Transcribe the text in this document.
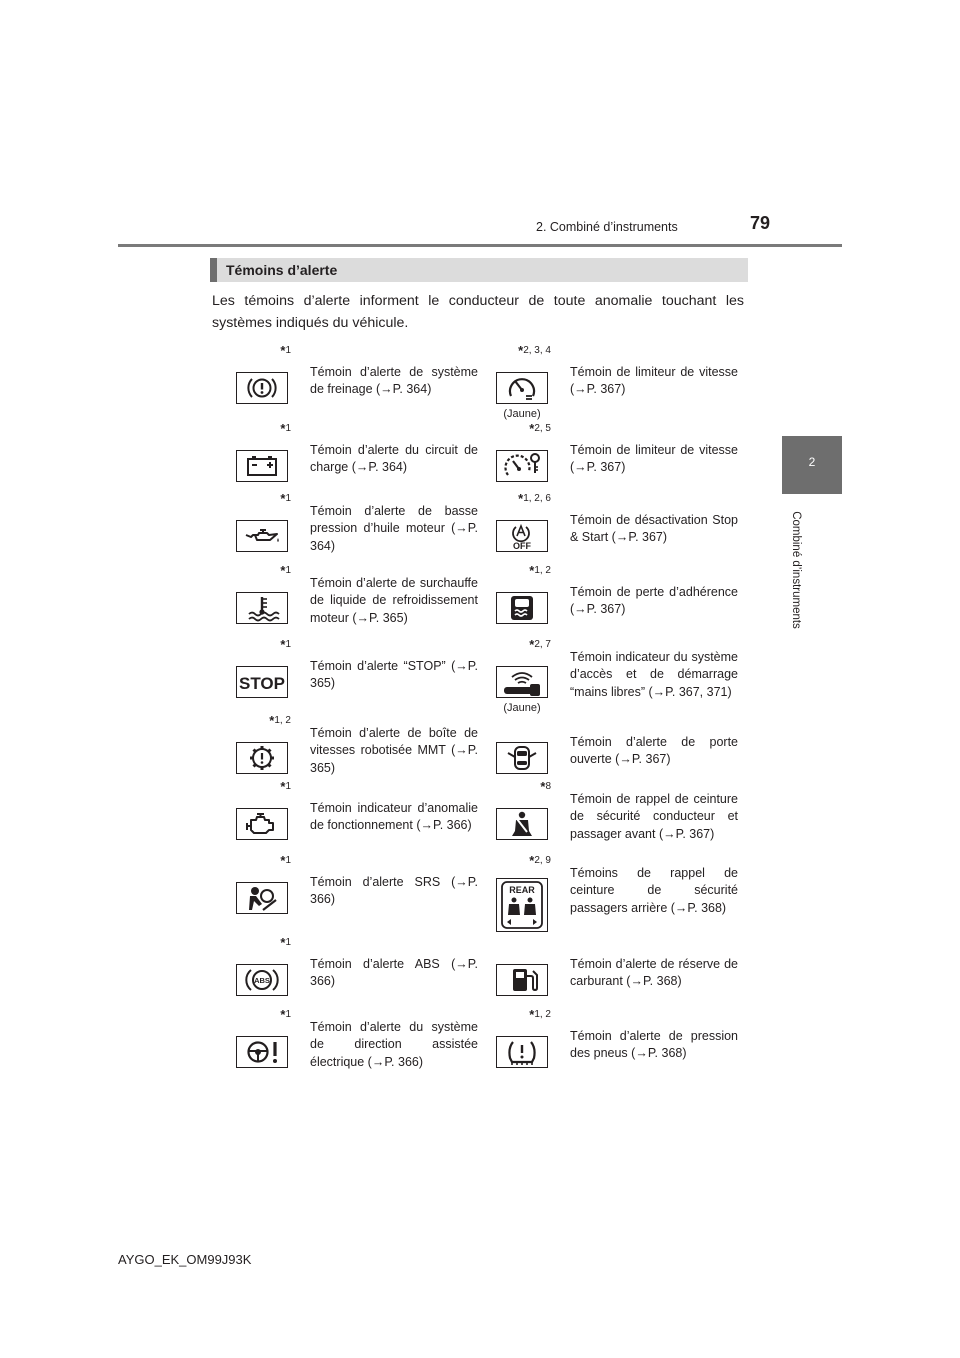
2. Combiné d’instruments	79
2
Combiné d’instruments
Témoins d’alerte
Les témoins d’alerte informent le conducteur de toute anomalie touchant les systèmes indiqués du véhicule.
*1
Témoin d’alerte de système de freinage (→P. 364)
*1
Témoin d’alerte du circuit de charge (→P. 364)
*1
Témoin d’alerte de basse pression d’huile moteur (→P. 364)
*1
Témoin d’alerte de surchauffe de liquide de refroidissement moteur (→P. 365)
*1
STOP
Témoin d’alerte “STOP” (→P. 365)
*1, 2
Témoin d’alerte de boîte de vitesses robotisée MMT (→P. 365)
*1
Témoin indicateur d’anomalie de fonctionnement (→P. 366)
*1
Témoin d’alerte SRS (→P. 366)
*1
ABS
Témoin d’alerte ABS (→P. 366)
*1
Témoin d’alerte du système de direction assistée électrique (→P. 366)
*2, 3, 4
(Jaune)
Témoin de limiteur de vitesse (→P. 367)
*2, 5
Témoin de limiteur de vitesse (→P. 367)
*1, 2, 6
OFF
Témoin de désactivation Stop & Start (→P. 367)
*1, 2
Témoin de perte d’adhérence (→P. 367)
*2, 7
(Jaune)
Témoin indicateur du système d’accès et de démarrage “mains libres” (→P. 367, 371)
Témoin d’alerte de porte ouverte (→P. 367)
*8
Témoin de rappel de ceinture de sécurité conducteur et passager avant (→P. 367)
*2, 9
REAR
Témoins de rappel de ceinture de sécurité passagers arrière (→P. 368)
Témoin d’alerte de réserve de carburant (→P. 368)
*1, 2
Témoin d’alerte de pression des pneus (→P. 368)
AYGO_EK_OM99J93K
